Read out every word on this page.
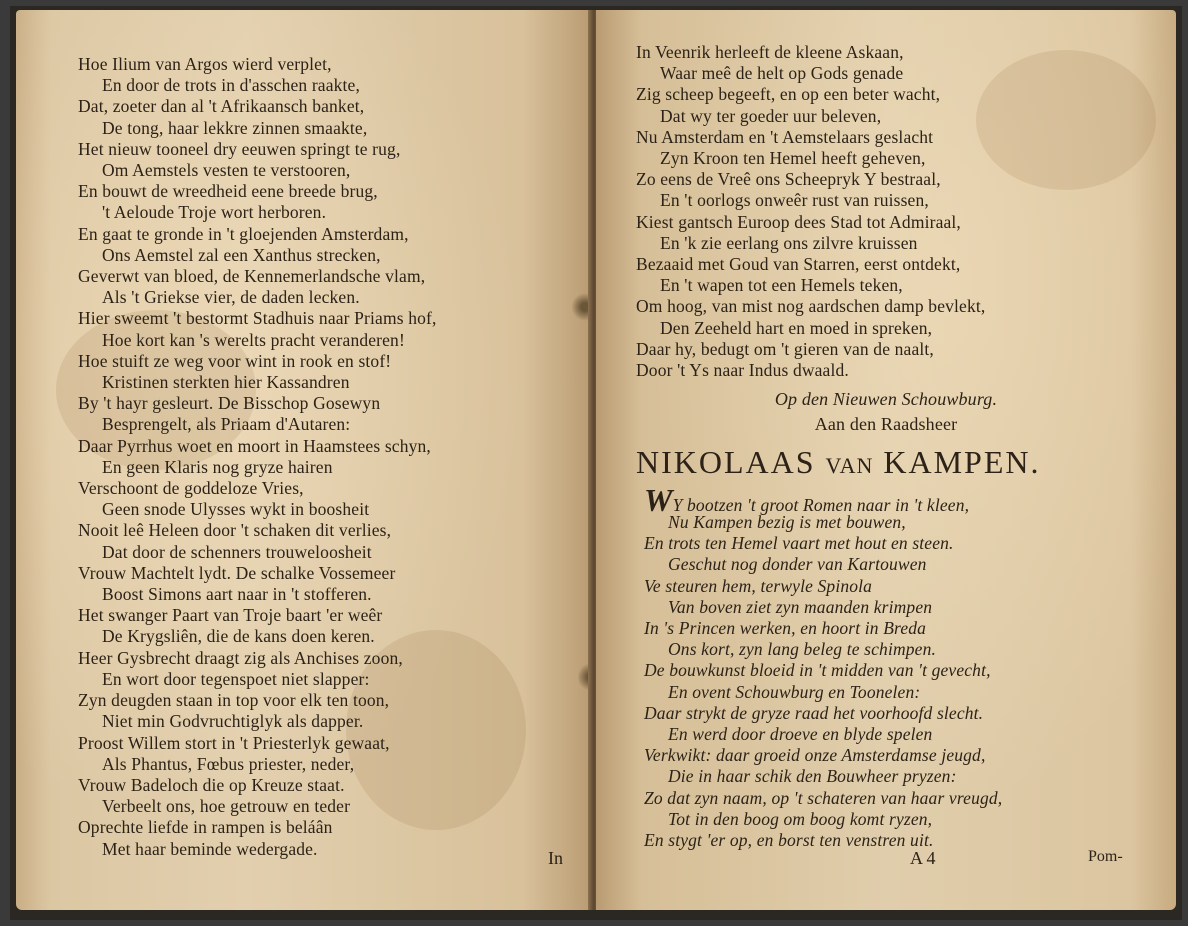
Hoe Ilium van Argos wierd verplet,
En door de trots in d'asschen raakte,
Dat, zoeter dan al 't Afrikaansch banket,
De tong, haar lekkre zinnen smaakte,
Het nieuw tooneel dry eeuwen springt te rug,
Om Aemstels vesten te verstooren,
En bouwt de wreedheid eene breede brug,
't Aeloude Troje wort herboren.
En gaat te gronde in 't gloejenden Amsterdam,
Ons Aemstel zal een Xanthus strecken,
Geverwt van bloed, de Kennemerlandsche vlam,
Als 't Griekse vier, de daden lecken.
Hier sweemt 't bestormt Stadhuis naar Priams hof,
Hoe kort kan 's werelts pracht veranderen!
Hoe stuift ze weg voor wint in rook en stof!
Kristinen sterkten hier Kassandren
By 't hayr gesleurt. De Bisschop Gosewyn
Besprengelt, als Priaam d'Autaren:
Daar Pyrrhus woet en moort in Haamstees schyn,
En geen Klaris nog gryze hairen
Verschoont de goddeloze Vries,
Geen snode Ulysses wykt in boosheit
Nooit leê Heleen door 't schaken dit verlies,
Dat door de schenners trouweloosheit
Vrouw Machtelt lydt. De schalke Vossemeer
Boost Simons aart naar in 't stofferen.
Het swanger Paart van Troje baart 'er weêr
De Krygsliên, die de kans doen keren.
Heer Gysbrecht draagt zig als Anchises zoon,
En wort door tegenspoet niet slapper:
Zyn deugden staan in top voor elk ten toon,
Niet min Godvruchtiglyk als dapper.
Proost Willem stort in 't Priesterlyk gewaat,
Als Phantus, Fœbus priester, neder,
Vrouw Badeloch die op Kreuze staat.
Verbeelt ons, hoe getrouw en teder
Oprechte liefde in rampen is beláân
Met haar beminde wedergade.	In
In Veenrik herleeft de kleene Askaan,
Waar meê de helt op Gods genade
Zig scheep begeeft, en op een beter wacht,
Dat wy ter goeder uur beleven,
Nu Amsterdam en 't Aemstelaars geslacht
Zyn Kroon ten Hemel heeft geheven,
Zo eens de Vreê ons Scheepryk Y bestraal,
En 't oorlogs onweêr rust van ruissen,
Kiest gantsch Euroop dees Stad tot Admiraal,
En 'k zie eerlang ons zilvre kruissen
Bezaaid met Goud van Starren, eerst ontdekt,
En 't wapen tot een Hemels teken,
Om hoog, van mist nog aardschen damp bevlekt,
Den Zeeheld hart en moed in spreken,
Daar hy, bedugt om 't gieren van de naalt,
Door 't Ys naar Indus dwaald.
Op den Nieuwen Schouwburg.
Aan den Raadsheer
NIKOLAAS VAN KAMPEN.
WY bootzen 't groot Romen naar in 't kleen,
Nu Kampen bezig is met bouwen,
En trots ten Hemel vaart met hout en steen.
Geschut nog donder van Kartouwen
Ve steuren hem, terwyle Spinola
Van boven ziet zyn maanden krimpen
In 's Princen werken, en hoort in Breda
Ons kort, zyn lang beleg te schimpen.
De bouwkunst bloeid in 't midden van 't gevecht,
En ovent Schouwburg en Toonelen:
Daar strykt de gryze raad het voorhoofd slecht.
En werd door droeve en blyde spelen
Verkwikt: daar groeid onze Amsterdamse jeugd,
Die in haar schik den Bouwheer pryzen:
Zo dat zyn naam, op 't schateren van haar vreugd,
Tot in den boog om boog komt ryzen,
En stygt 'er op, en borst ten venstren uit.
A 4	Pom-
